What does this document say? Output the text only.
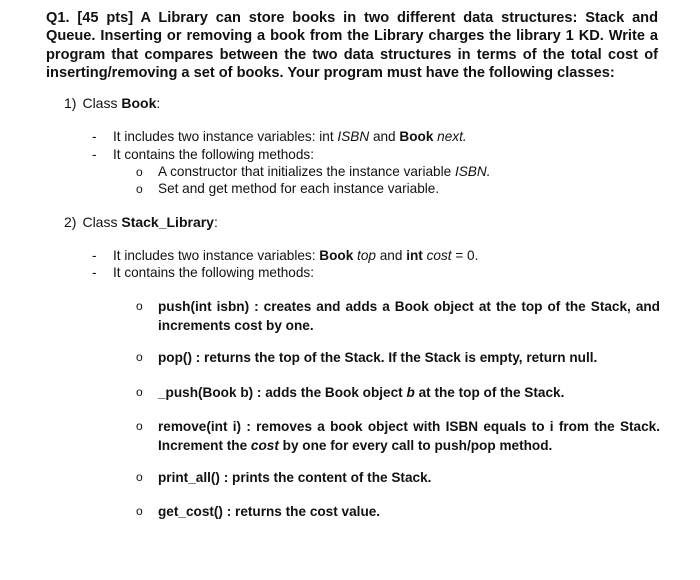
Q1. [45 pts] A Library can store books in two different data structures: Stack and Queue. Inserting or removing a book from the Library charges the library 1 KD. Write a program that compares between the two data structures in terms of the total cost of inserting/removing a set of books. Your program must have the following classes:
1) Class Book:
- It includes two instance variables: int ISBN and Book next.
- It contains the following methods:
o A constructor that initializes the instance variable ISBN.
o Set and get method for each instance variable.
2) Class Stack_Library:
- It includes two instance variables: Book top and int cost = 0.
- It contains the following methods:
o	push(int isbn) : creates and adds a Book object at the top of the Stack, and increments cost by one.
o	pop() : returns the top of the Stack. If the Stack is empty, return null.
o	_push(Book b) : adds the Book object b at the top of the Stack.
o	remove(int i) : removes a book object with ISBN equals to i from the Stack. Increment the cost by one for every call to push/pop method.
o	print_all() : prints the content of the Stack.
o	get_cost() : returns the cost value.
